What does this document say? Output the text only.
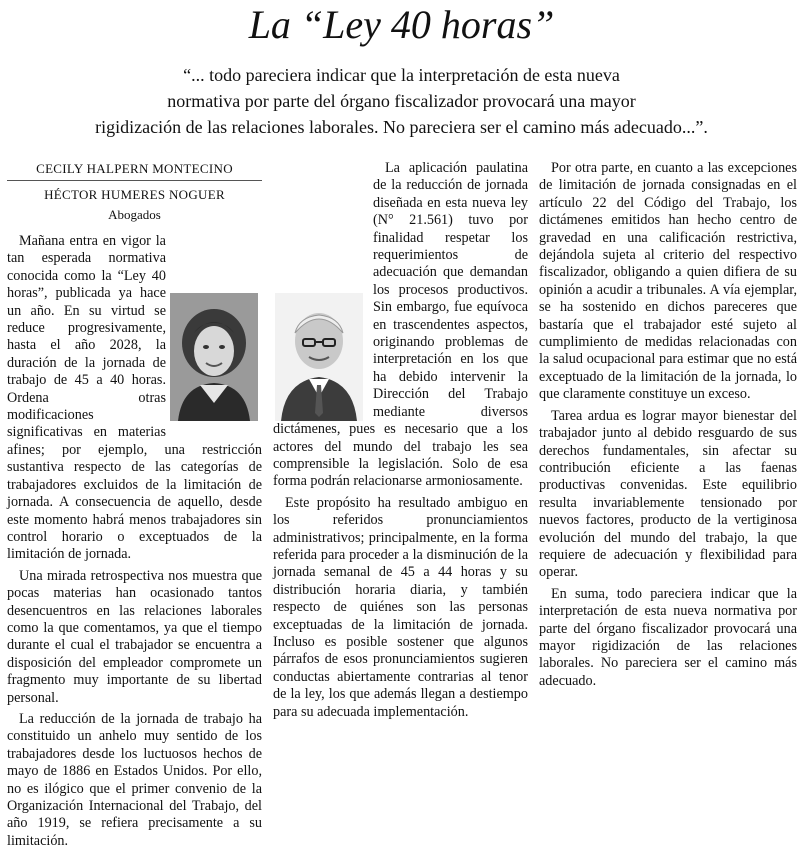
La “Ley 40 horas”
“... todo pareciera indicar que la interpretación de esta nueva
normativa por parte del órgano fiscalizador provocará una mayor
rigidización de las relaciones laborales. No pareciera ser el camino más adecuado...”.
CECILY HALPERN MONTECINO
HÉCTOR HUMERES NOGUER
Abogados

Mañana entra en vigor la tan esperada normativa conocida como la “Ley 40 horas”, publicada ya hace un año. En su virtud se reduce progresivamente, hasta el año 2028, la duración de la jornada de trabajo de 45 a 40 horas. Ordena otras modificaciones significativas en materias afines; por ejemplo, una restricción sustantiva respecto de las categorías de trabajadores excluidos de la limitación de jornada. A consecuencia de aquello, desde este momento habrá menos trabajadores sin control horario o exceptuados de la limitación de jornada.

Una mirada retrospectiva nos muestra que pocas materias han ocasionado tantos desencuentros en las relaciones laborales como la que comentamos, ya que el tiempo durante el cual el trabajador se encuentra a disposición del empleador compromete un fragmento muy importante de su libertad personal.

La reducción de la jornada de trabajo ha constituido un anhelo muy sentido de los trabajadores desde los luctuosos hechos de mayo de 1886 en Estados Unidos. Por ello, no es ilógico que el primer convenio de la Organización Internacional del Trabajo, del año 1919, se refiera precisamente a su limitación.

La aplicación paulatina de la reducción de jornada diseñada en esta nueva ley (N° 21.561) tuvo por finalidad respetar los requerimientos de adecuación que demandan los procesos productivos. Sin embargo, fue equívoca en trascendentes aspectos, originando problemas de interpretación en los que ha debido intervenir la Dirección del Trabajo mediante diversos dictámenes, pues es necesario que a los actores del mundo del trabajo les sea comprensible la legislación. Solo de esa forma podrán relacionarse armoniosamente.

Este propósito ha resultado ambiguo en los referidos pronunciamientos administrativos; principalmente, en la forma referida para proceder a la disminución de la jornada semanal de 45 a 44 horas y su distribución horaria diaria, y también respecto de quiénes son las personas exceptuadas de la limitación de jornada. Incluso es posible sostener que algunos párrafos de esos pronunciamientos sugieren conductas abiertamente contrarias al tenor de la ley, los que además llegan a destiempo para su adecuada implementación.

Por otra parte, en cuanto a las excepciones de limitación de jornada consignadas en el artículo 22 del Código del Trabajo, los dictámenes emitidos han hecho centro de gravedad en una calificación restrictiva, dejándola sujeta al criterio del respectivo fiscalizador, obligando a quien difiera de su opinión a acudir a tribunales. A vía ejemplar, se ha sostenido en dichos pareceres que bastaría que el trabajador esté sujeto al cumplimiento de medidas relacionadas con la salud ocupacional para estimar que no está exceptuado de la limitación de la jornada, lo que claramente constituye un exceso.

Tarea ardua es lograr mayor bienestar del trabajador junto al debido resguardo de sus derechos fundamentales, sin afectar su contribución eficiente a las faenas productivas convenidas. Este equilibrio resulta invariablemente tensionado por nuevos factores, producto de la vertiginosa evolución del mundo del trabajo, la que requiere de adecuación y flexibilidad para operar.

En suma, todo pareciera indicar que la interpretación de esta nueva normativa por parte del órgano fiscalizador provocará una mayor rigidización de las relaciones laborales. No pareciera ser el camino más adecuado.
